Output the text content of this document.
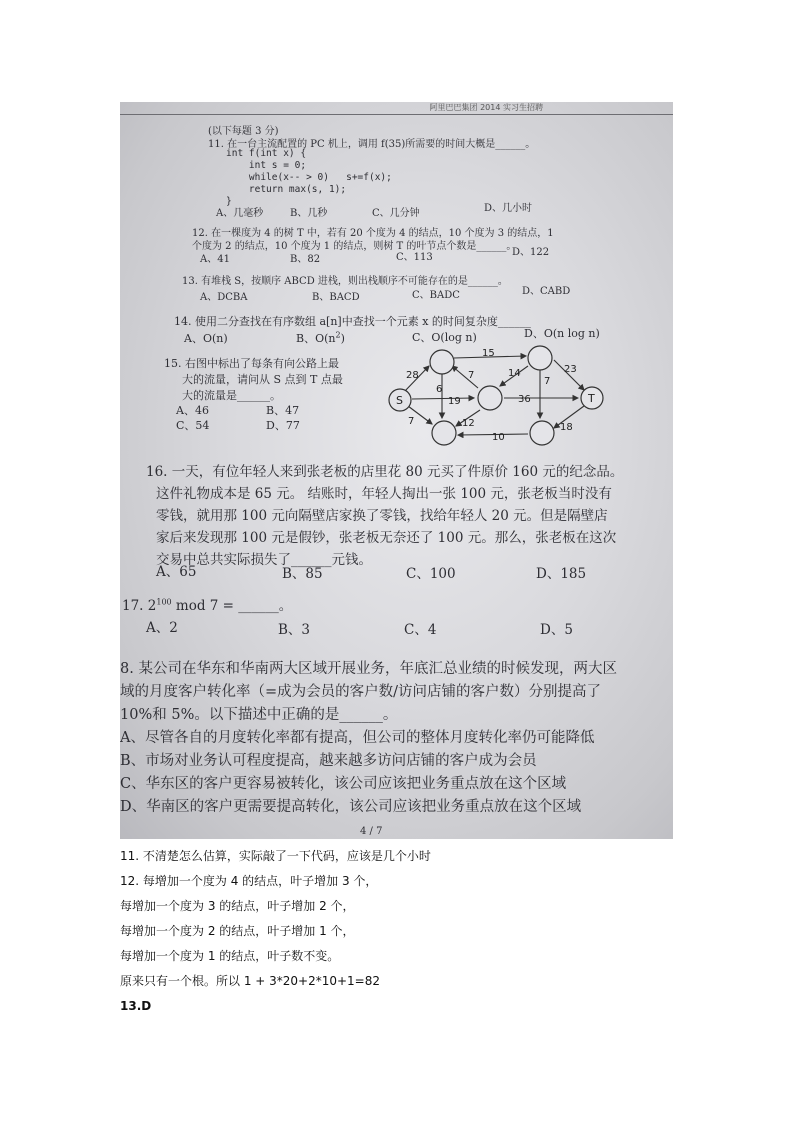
阿里巴巴集团 2014 实习生招聘
(以下每题 3 分)
11. 在一台主流配置的 PC 机上，调用 f(35)所需要的时间大概是______。
int f(int x) {
int s = 0;
while(x-- > 0)   s+=f(x);
return max(s, 1);
}
A、几毫秒	B、几秒	C、几分钟	D、几小时
12. 在一棵度为 4 的树 T 中，若有 20 个度为 4 的结点，10 个度为 3 的结点，1
个度为 2 的结点，10 个度为 1 的结点，则树 T 的叶节点个数是______。
A、41	B、82	C、113	D、122
13. 有堆栈 S，按顺序 ABCD 进栈，则出栈顺序不可能存在的是______。
A、DCBA	B、BACD	C、BADC	D、CABD
14. 使用二分查找在有序数组 a[n]中查找一个元素 x 的时间复杂度______
A、O(n)	B、$O(n^2)$	C、O(log n)	D、O(n log n)
15. 右图中标出了每条有向公路上最
大的流量，请问从 S 点到 T 点最
大的流量是______。
A、46	B、47
C、54	D、77
S	T
15
28
6
7	14
7
23
19	36
7	12
10
18
16. 一天，有位年轻人来到张老板的店里花 80 元买了件原价 160 元的纪念品。
这件礼物成本是 65 元。 结账时，年轻人掏出一张 100 元，张老板当时没有
零钱，就用那 100 元向隔壁店家换了零钱，找给年轻人 20 元。但是隔壁店
家后来发现那 100 元是假钞，张老板无奈还了 100 元。那么，张老板在这次
交易中总共实际损失了______元钱。
A、65	B、85	C、100	D、185
17. $2^{100}$ mod 7 = ______。
A、2	B、3	C、4	D、5
8. 某公司在华东和华南两大区域开展业务，年底汇总业绩的时候发现，两大区
域的月度客户转化率（=成为会员的客户数/访问店铺的客户数）分别提高了
10%和 5%。以下描述中正确的是______。
A、尽管各自的月度转化率都有提高，但公司的整体月度转化率仍可能降低
B、市场对业务认可程度提高，越来越多访问店铺的客户成为会员
C、华东区的客户更容易被转化，该公司应该把业务重点放在这个区域
D、华南区的客户更需要提高转化，该公司应该把业务重点放在这个区域
4 / 7
11. 不清楚怎么估算，实际敲了一下代码，应该是几个小时
12. 每增加一个度为 4 的结点，叶子增加 3 个，
每增加一个度为 3 的结点，叶子增加 2 个，
每增加一个度为 2 的结点，叶子增加 1 个，
每增加一个度为 1 的结点，叶子数不变。
原来只有一个根。所以 1 + 3*20+2*10+1=82
13.D
